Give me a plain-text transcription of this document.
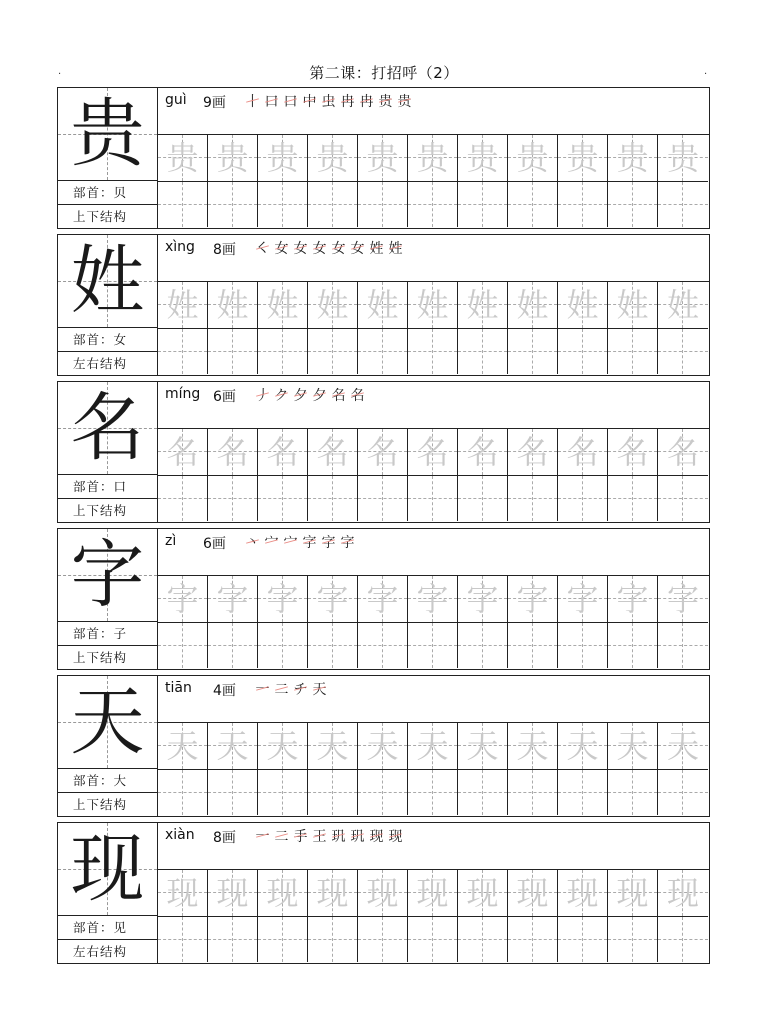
第二课：打招呼（2）
.	.
贵
部首：贝
上下结构
guì 9画 丨 口 口 中 虫 冉 冉 贵 贵
贵 贵 贵 贵 贵 贵 贵 贵 贵 贵 贵
姓
部首：女
左右结构
xìng 8画 ㇛ 女 女 女 女 女 姓 姓
姓 姓 姓 姓 姓 姓 姓 姓 姓 姓 姓
名
部首：口
上下结构
míng 6画 丿 ク 夕 夕 名 名
名 名 名 名 名 名 名 名 名 名 名
字
部首：子
上下结构
zì 6画 丶 宀 宀 字 字 字
字 字 字 字 字 字 字 字 字 字 字
天
部首：大
上下结构
tiān 4画 一 二 チ 天
天 天 天 天 天 天 天 天 天 天 天
现
部首：见
左右结构
xiàn 8画 一 二 手 王 玑 玑 现 现
现 现 现 现 现 现 现 现 现 现 现
